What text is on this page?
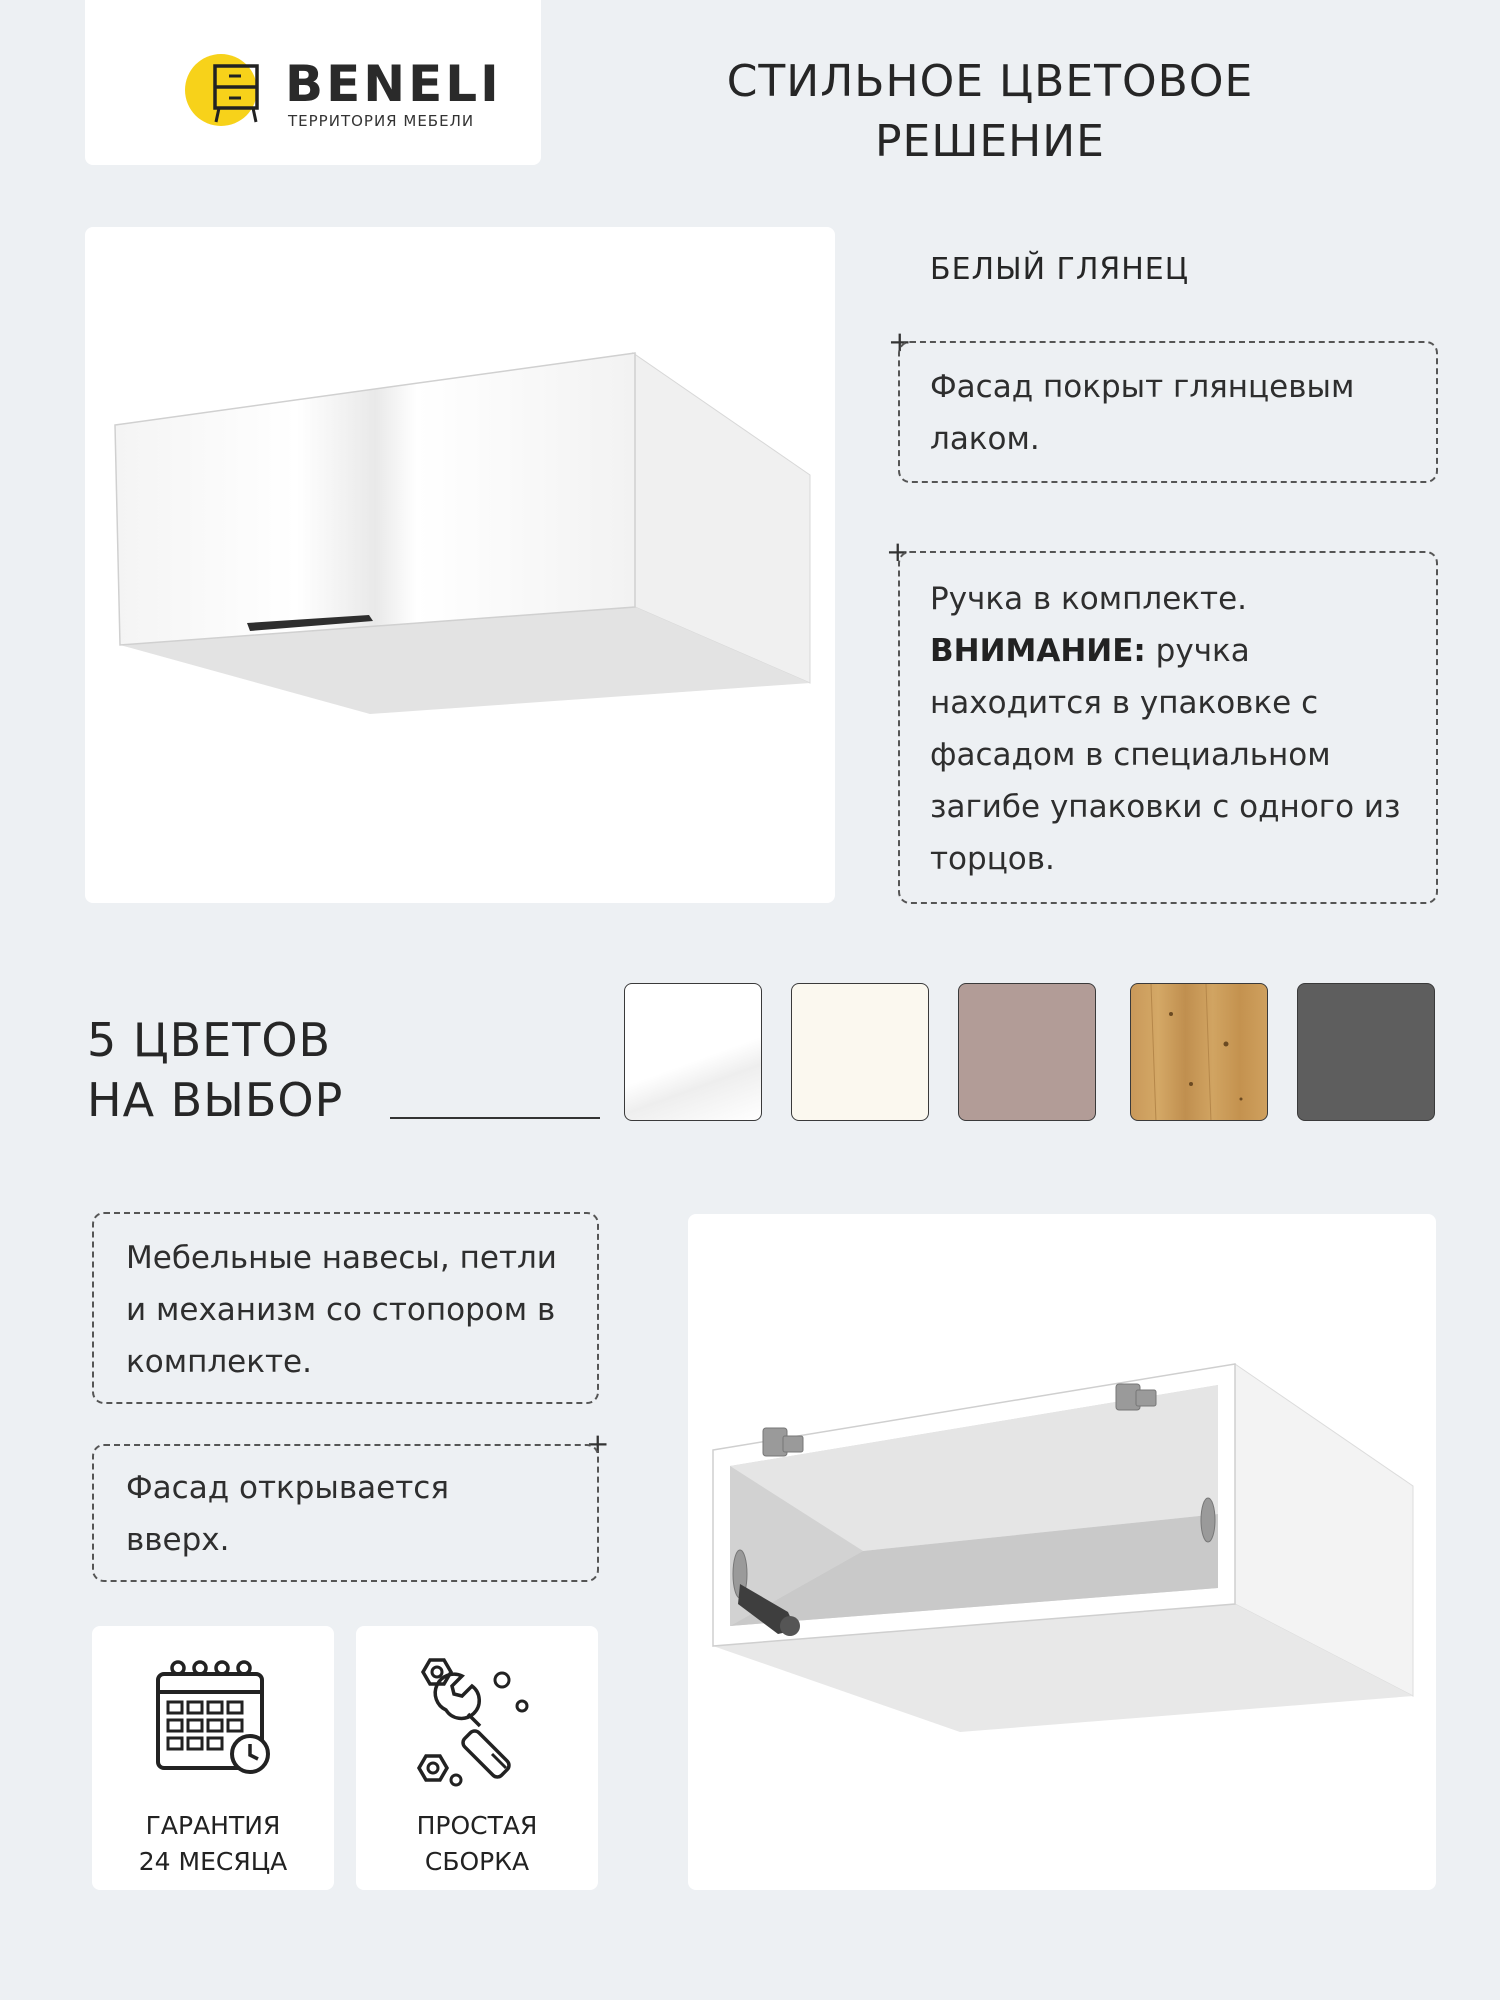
BENELI
ТЕРРИТОРИЯ МЕБЕЛИ
СТИЛЬНОЕ ЦВЕТОВОЕ
РЕШЕНИЕ
БЕЛЫЙ ГЛЯНЕЦ
+
Фасад покрыт глянцевым лаком.
+
Ручка в комплекте.
ВНИМАНИЕ: ручка находится в упаковке с фасадом в специальном загибе упаковки с одного из торцов.
5 ЦВЕТОВ
НА ВЫБОР
Мебельные навесы, петли и механизм со стопором в комплекте.
+
Фасад открывается вверх.
ГАРАНТИЯ
24 МЕСЯЦА
ПРОСТАЯ
СБОРКА
